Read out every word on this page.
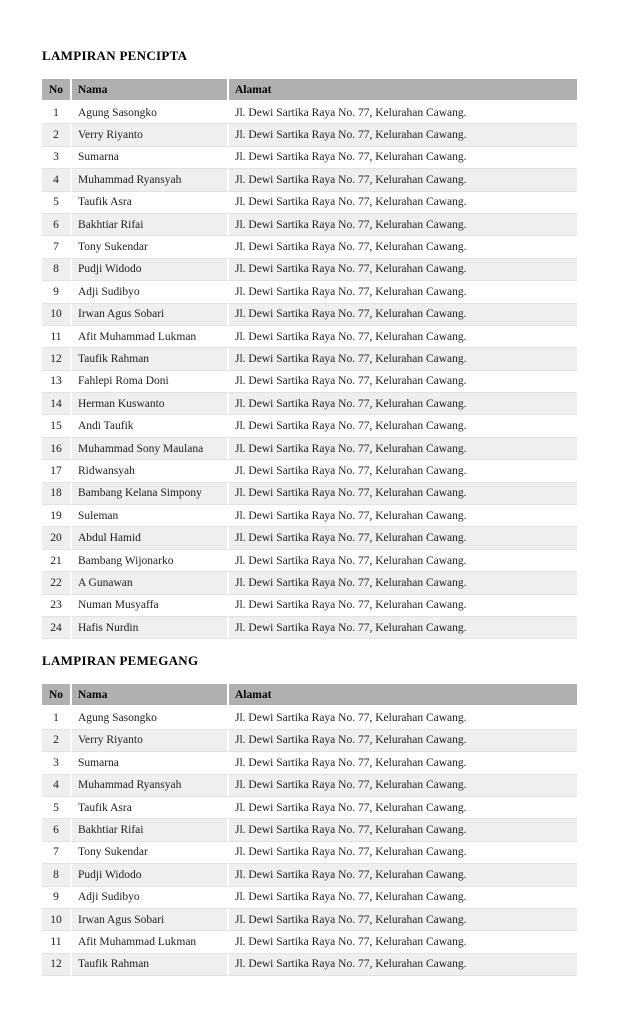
LAMPIRAN PENCIPTA
No	Nama	Alamat
1	Agung Sasongko	Jl. Dewi Sartika Raya No. 77, Kelurahan Cawang.
2	Verry Riyanto	Jl. Dewi Sartika Raya No. 77, Kelurahan Cawang.
3	Sumarna	Jl. Dewi Sartika Raya No. 77, Kelurahan Cawang.
4	Muhammad Ryansyah	Jl. Dewi Sartika Raya No. 77, Kelurahan Cawang.
5	Taufik Asra	Jl. Dewi Sartika Raya No. 77, Kelurahan Cawang.
6	Bakhtiar Rifai	Jl. Dewi Sartika Raya No. 77, Kelurahan Cawang.
7	Tony Sukendar	Jl. Dewi Sartika Raya No. 77, Kelurahan Cawang.
8	Pudji Widodo	Jl. Dewi Sartika Raya No. 77, Kelurahan Cawang.
9	Adji Sudibyo	Jl. Dewi Sartika Raya No. 77, Kelurahan Cawang.
10	Irwan Agus Sobari	Jl. Dewi Sartika Raya No. 77, Kelurahan Cawang.
11	Afit Muhammad Lukman	Jl. Dewi Sartika Raya No. 77, Kelurahan Cawang.
12	Taufik Rahman	Jl. Dewi Sartika Raya No. 77, Kelurahan Cawang.
13	Fahlepi Roma Doni	Jl. Dewi Sartika Raya No. 77, Kelurahan Cawang.
14	Herman Kuswanto	Jl. Dewi Sartika Raya No. 77, Kelurahan Cawang.
15	Andi Taufik	Jl. Dewi Sartika Raya No. 77, Kelurahan Cawang.
16	Muhammad Sony Maulana	Jl. Dewi Sartika Raya No. 77, Kelurahan Cawang.
17	Ridwansyah	Jl. Dewi Sartika Raya No. 77, Kelurahan Cawang.
18	Bambang Kelana Simpony	Jl. Dewi Sartika Raya No. 77, Kelurahan Cawang.
19	Suleman	Jl. Dewi Sartika Raya No. 77, Kelurahan Cawang.
20	Abdul Hamid	Jl. Dewi Sartika Raya No. 77, Kelurahan Cawang.
21	Bambang Wijonarko	Jl. Dewi Sartika Raya No. 77, Kelurahan Cawang.
22	A Gunawan	Jl. Dewi Sartika Raya No. 77, Kelurahan Cawang.
23	Numan Musyaffa	Jl. Dewi Sartika Raya No. 77, Kelurahan Cawang.
24	Hafis Nurdin	Jl. Dewi Sartika Raya No. 77, Kelurahan Cawang.
LAMPIRAN PEMEGANG
No	Nama	Alamat
1	Agung Sasongko	Jl. Dewi Sartika Raya No. 77, Kelurahan Cawang.
2	Verry Riyanto	Jl. Dewi Sartika Raya No. 77, Kelurahan Cawang.
3	Sumarna	Jl. Dewi Sartika Raya No. 77, Kelurahan Cawang.
4	Muhammad Ryansyah	Jl. Dewi Sartika Raya No. 77, Kelurahan Cawang.
5	Taufik Asra	Jl. Dewi Sartika Raya No. 77, Kelurahan Cawang.
6	Bakhtiar Rifai	Jl. Dewi Sartika Raya No. 77, Kelurahan Cawang.
7	Tony Sukendar	Jl. Dewi Sartika Raya No. 77, Kelurahan Cawang.
8	Pudji Widodo	Jl. Dewi Sartika Raya No. 77, Kelurahan Cawang.
9	Adji Sudibyo	Jl. Dewi Sartika Raya No. 77, Kelurahan Cawang.
10	Irwan Agus Sobari	Jl. Dewi Sartika Raya No. 77, Kelurahan Cawang.
11	Afit Muhammad Lukman	Jl. Dewi Sartika Raya No. 77, Kelurahan Cawang.
12	Taufik Rahman	Jl. Dewi Sartika Raya No. 77, Kelurahan Cawang.
